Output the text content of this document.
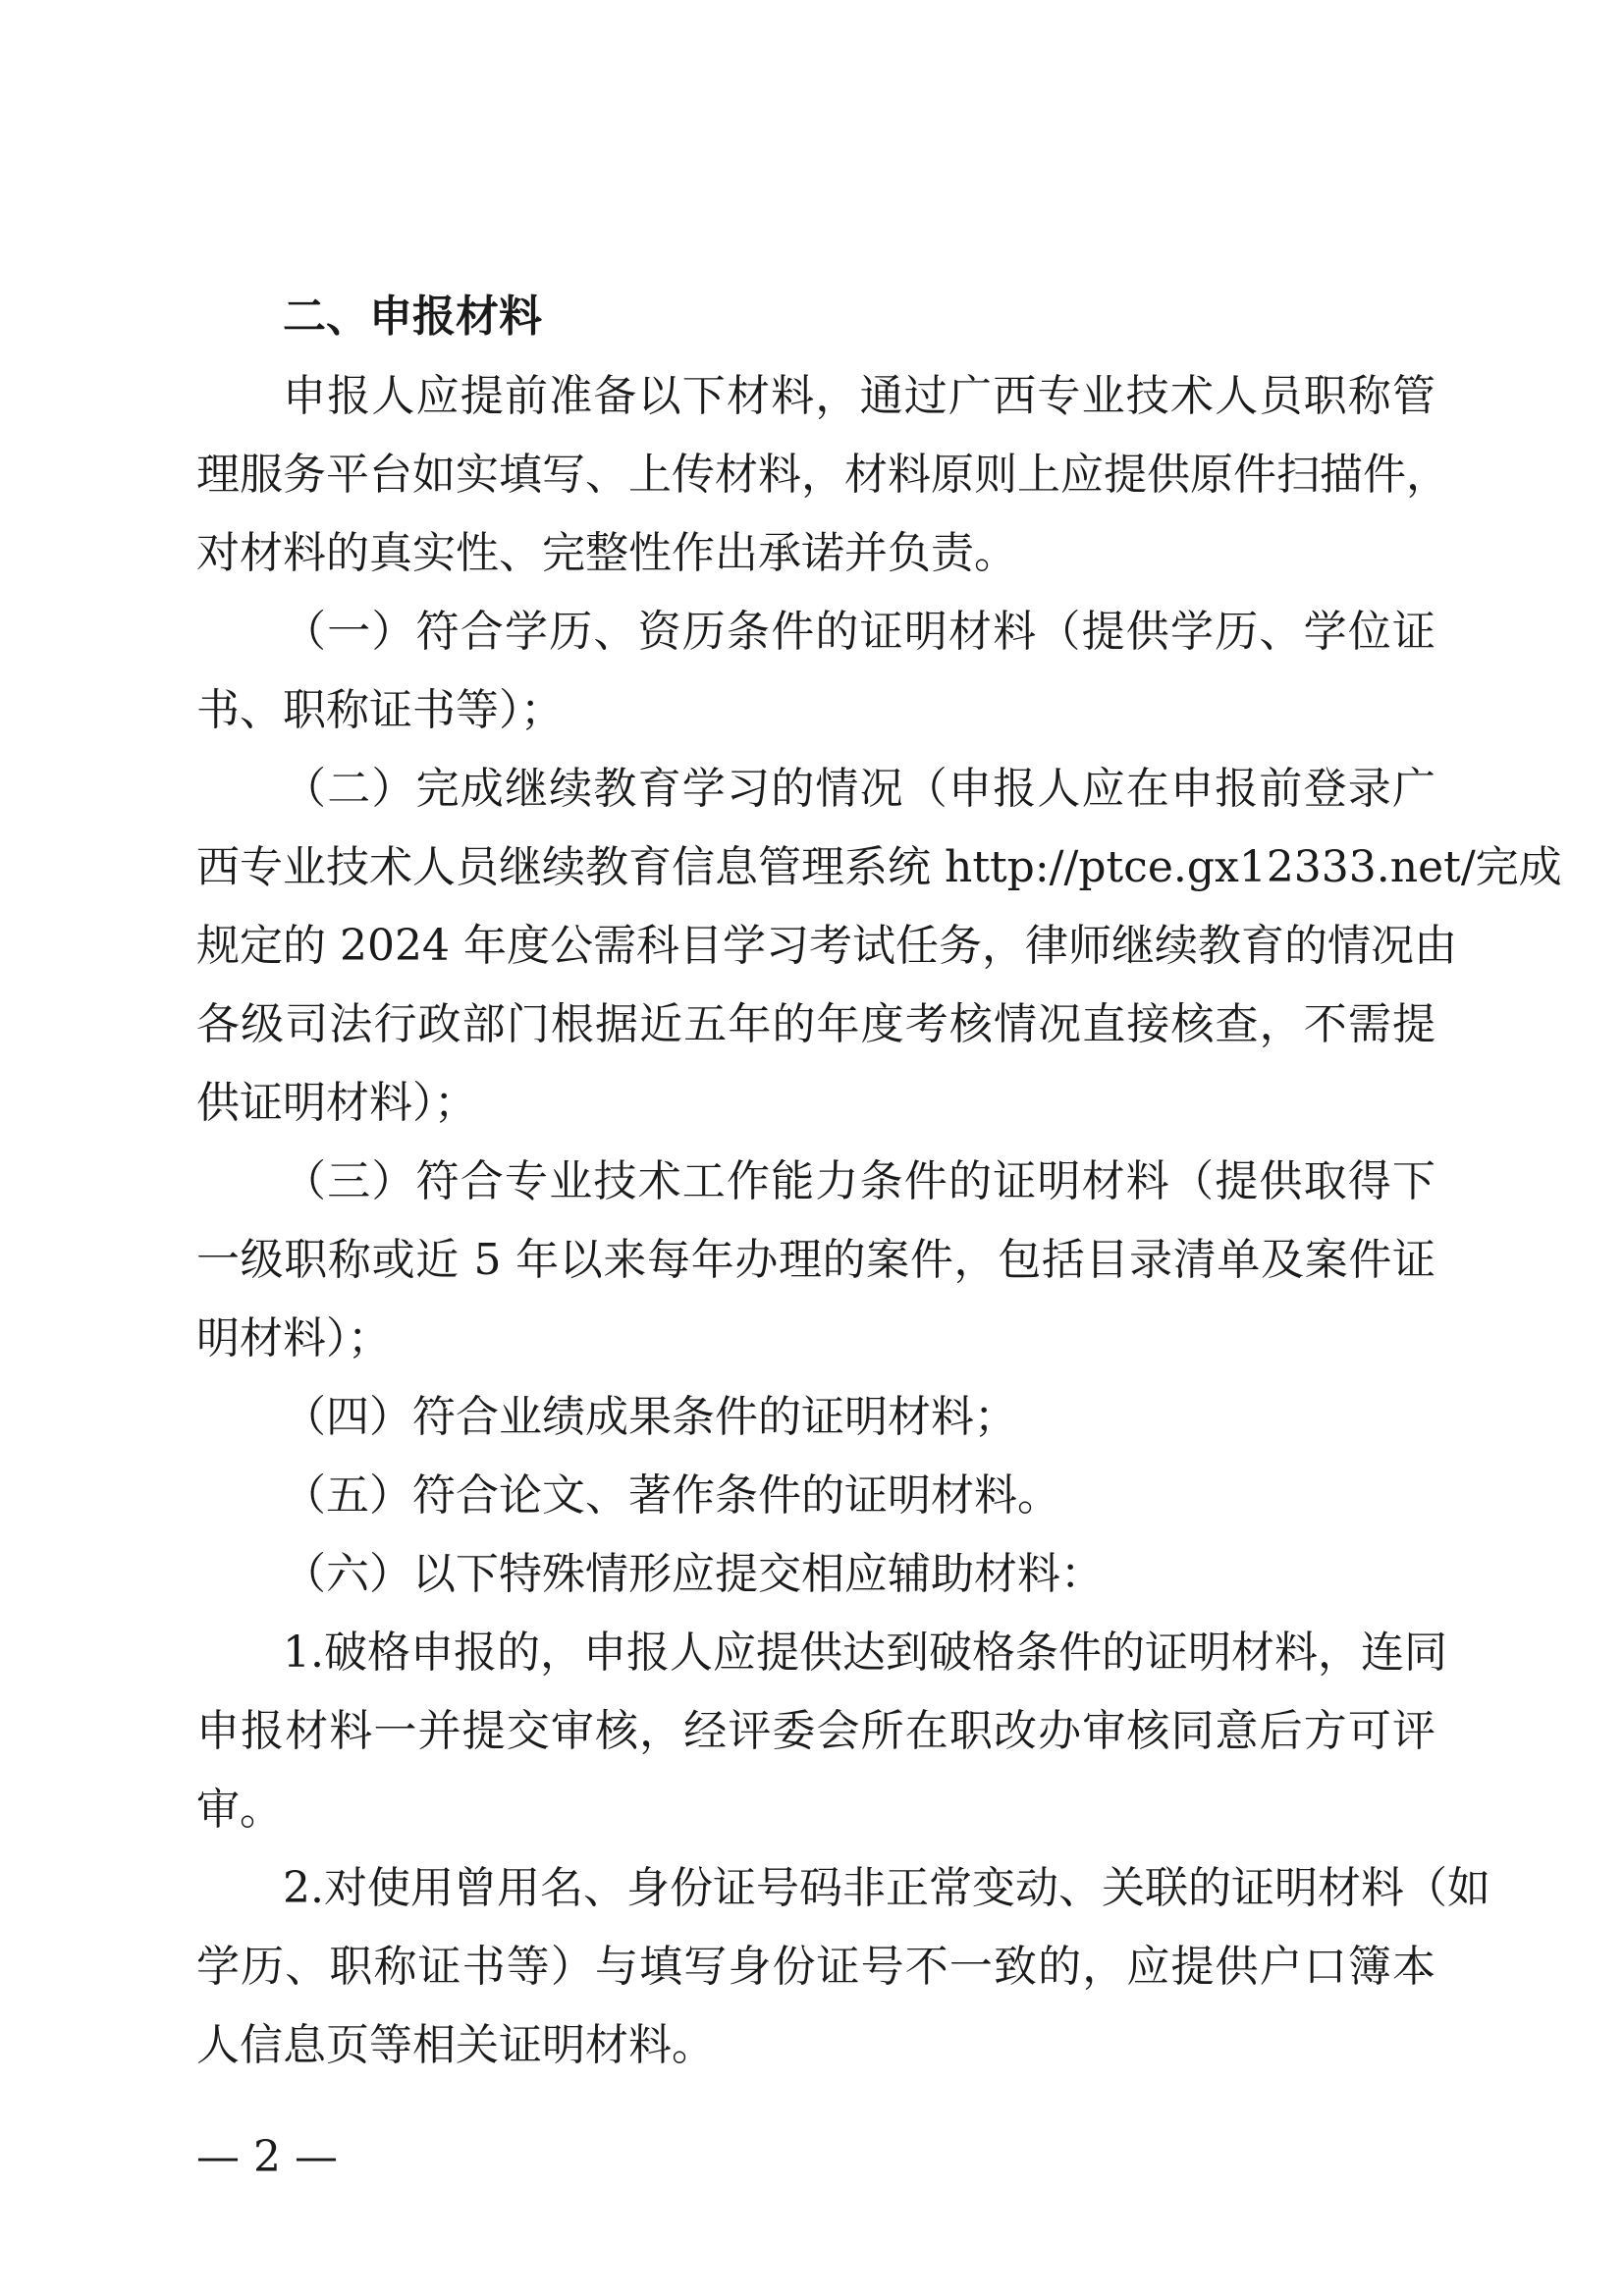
二、申报材料
申报人应提前准备以下材料，通过广西专业技术人员职称管
理服务平台如实填写、上传材料，材料原则上应提供原件扫描件，
对材料的真实性、完整性作出承诺并负责。
（一）符合学历、资历条件的证明材料（提供学历、学位证
书、职称证书等）；
（二）完成继续教育学习的情况（申报人应在申报前登录广
西专业技术人员继续教育信息管理系统 http://ptce.gx12333.net/完成
规定的 2024 年度公需科目学习考试任务，律师继续教育的情况由
各级司法行政部门根据近五年的年度考核情况直接核查，不需提
供证明材料）；
（三）符合专业技术工作能力条件的证明材料（提供取得下
一级职称或近 5 年以来每年办理的案件，包括目录清单及案件证
明材料）；
（四）符合业绩成果条件的证明材料；
（五）符合论文、著作条件的证明材料。
（六）以下特殊情形应提交相应辅助材料：
1.破格申报的，申报人应提供达到破格条件的证明材料，连同
申报材料一并提交审核，经评委会所在职改办审核同意后方可评
审。
2.对使用曾用名、身份证号码非正常变动、关联的证明材料（如
学历、职称证书等）与填写身份证号不一致的，应提供户口簿本
人信息页等相关证明材料。
— 2 —
